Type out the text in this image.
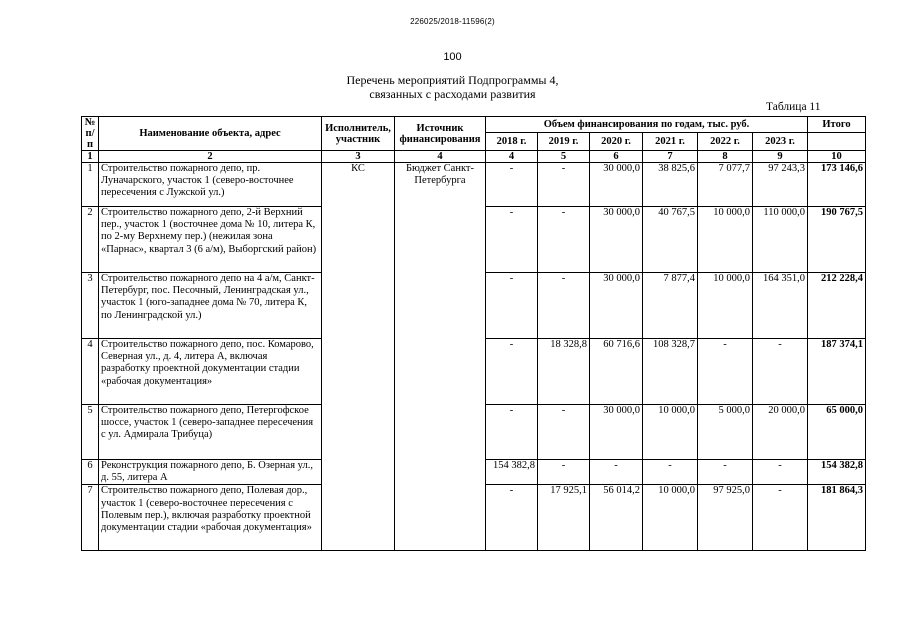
226025/2018-11596(2)
100
Перечень мероприятий Подпрограммы 4,
связанных с расходами развития
Таблица 11
№ п/п	Наименование объекта, адрес	Исполнитель, участник	Источник финансирования	Объем финансирования по годам, тыс. руб.						Итого
				2018 г.	2019 г.	2020 г.	2021 г.	2022 г.	2023 г.	
1	2	3	4	4	5	6	7	8	9	10
1	Строительство пожарного депо, пр. Луначарского, участок 1 (северо-восточнее пересечения с Лужской ул.)	КС	Бюджет Санкт-Петербурга	-	-	30 000,0	38 825,6	7 077,7	97 243,3	173 146,6
2	Строительство пожарного депо, 2-й Верхний пер., участок 1 (восточнее дома № 10, литера К, по 2-му Верхнему пер.) (нежилая зона «Парнас», квартал 3 (6 а/м), Выборгский район)			-	-	30 000,0	40 767,5	10 000,0	110 000,0	190 767,5
3	Строительство пожарного депо на 4 а/м, Санкт-Петербург, пос. Песочный, Ленинградская ул., участок 1 (юго-западнее дома № 70, литера К, по Ленинградской ул.)			-	-	30 000,0	7 877,4	10 000,0	164 351,0	212 228,4
4	Строительство пожарного депо, пос. Комарово, Северная ул., д. 4, литера А, включая разработку проектной документации стадии «рабочая документация»			-	18 328,8	60 716,6	108 328,7	-	-	187 374,1
5	Строительство пожарного депо, Петергофское шоссе, участок 1 (северо-западнее пересечения с ул. Адмирала Трибуца)			-	-	30 000,0	10 000,0	5 000,0	20 000,0	65 000,0
6	Реконструкция пожарного депо, Б. Озерная ул., д. 55, литера А			154 382,8	-	-	-	-	-	154 382,8
7	Строительство пожарного депо, Полевая дор., участок 1 (северо-восточнее пересечения с Полевым пер.), включая разработку проектной документации стадии «рабочая документация»			-	17 925,1	56 014,2	10 000,0	97 925,0	-	181 864,3
